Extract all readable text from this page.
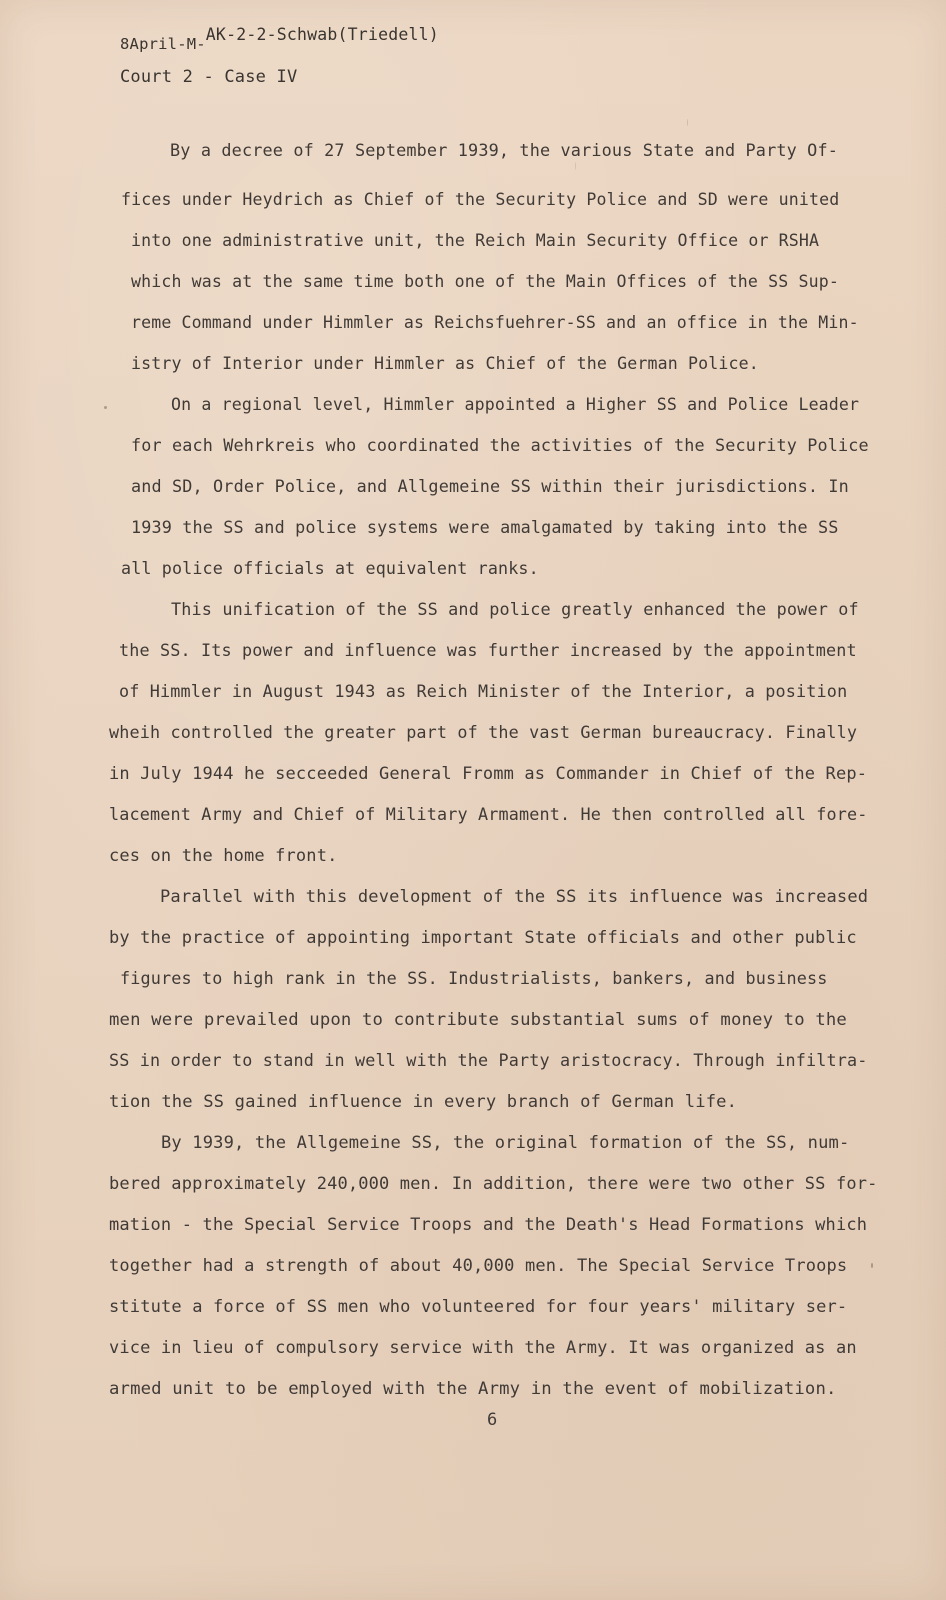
8April-M-AK-2-2-Schwab(Triedell)
Court 2 - Case IV
By a decree of 27 September 1939, the various State and Party Of-
fices under Heydrich as Chief of the Security Police and SD were united
into one administrative unit, the Reich Main Security Office or RSHA
which was at the same time both one of the Main Offices of the SS Sup-
reme Command under Himmler as Reichsfuehrer-SS and an office in the Min-
istry of Interior under Himmler as Chief of the German Police.
On a regional level, Himmler appointed a Higher SS and Police Leader
for each Wehrkreis who coordinated the activities of the Security Police
and SD, Order Police, and Allgemeine SS within their jurisdictions. In
1939 the SS and police systems were amalgamated by taking into the SS
all police officials at equivalent ranks.
This unification of the SS and police greatly enhanced the power of
the SS. Its power and influence was further increased by the appointment
of Himmler in August 1943 as Reich Minister of the Interior, a position
wheih controlled the greater part of the vast German bureaucracy. Finally
in July 1944 he secceeded General Fromm as Commander in Chief of the Rep-
lacement Army and Chief of Military Armament. He then controlled all fore-
ces on the home front.
Parallel with this development of the SS its influence was increased
by the practice of appointing important State officials and other public
figures to high rank in the SS. Industrialists, bankers, and business
men were prevailed upon to contribute substantial sums of money to the
SS in order to stand in well with the Party aristocracy. Through infiltra-
tion the SS gained influence in every branch of German life.
By 1939, the Allgemeine SS, the original formation of the SS, num-
bered approximately 240,000 men. In addition, there were two other SS for-
mation - the Special Service Troops and the Death's Head Formations which
together had a strength of about 40,000 men. The Special Service Troops
stitute a force of SS men who volunteered for four years' military ser-
vice in lieu of compulsory service with the Army. It was organized as an
armed unit to be employed with the Army in the event of mobilization.
6
